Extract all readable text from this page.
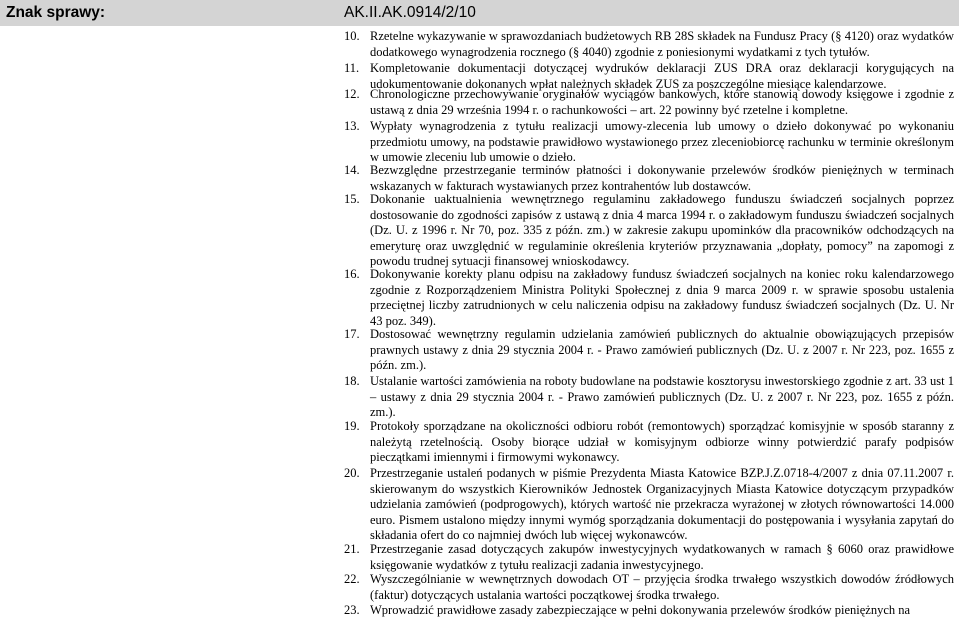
Znak sprawy:	AK.II.AK.0914/2/10
10. Rzetelne wykazywanie w sprawozdaniach budżetowych RB 28S składek na Fundusz Pracy (§ 4120) oraz wydatków dodatkowego wynagrodzenia rocznego (§ 4040) zgodnie z poniesionymi wydatkami z tych tytułów.
11. Kompletowanie dokumentacji dotyczącej wydruków deklaracji ZUS DRA oraz deklaracji korygujących na udokumentowanie dokonanych wpłat należnych składek ZUS za poszczególne miesiące kalendarzowe.
12. Chronologiczne przechowywanie oryginałów wyciągów bankowych, które stanowią dowody księgowe i zgodnie z ustawą z dnia 29 września 1994 r. o rachunkowości – art. 22 powinny być rzetelne i kompletne.
13. Wypłaty wynagrodzenia z tytułu realizacji umowy-zlecenia lub umowy o dzieło dokonywać po wykonaniu przedmiotu umowy, na podstawie prawidłowo wystawionego przez zleceniobiorcę rachunku w terminie określonym w umowie zleceniu lub umowie o dzieło.
14. Bezwzględne przestrzeganie terminów płatności i dokonywanie przelewów środków pieniężnych w terminach wskazanych w fakturach wystawianych przez kontrahentów lub dostawców.
15. Dokonanie uaktualnienia wewnętrznego regulaminu zakładowego funduszu świadczeń socjalnych poprzez dostosowanie do zgodności zapisów z ustawą z dnia 4 marca 1994 r. o zakładowym funduszu świadczeń socjalnych (Dz. U. z 1996 r. Nr 70, poz. 335 z późn. zm.) w zakresie zakupu upominków dla pracowników odchodzących na emeryturę oraz uwzględnić w regulaminie określenia kryteriów przyznawania „dopłaty, pomocy” na zapomogi z powodu trudnej sytuacji finansowej wnioskodawcy.
16. Dokonywanie korekty planu odpisu na zakładowy fundusz świadczeń socjalnych na koniec roku kalendarzowego zgodnie z Rozporządzeniem Ministra Polityki Społecznej z dnia 9 marca 2009 r. w sprawie sposobu ustalenia przeciętnej liczby zatrudnionych w celu naliczenia odpisu na zakładowy fundusz świadczeń socjalnych (Dz. U. Nr 43 poz. 349).
17. Dostosować wewnętrzny regulamin udzielania zamówień publicznych do aktualnie obowiązujących przepisów prawnych ustawy z dnia 29 stycznia 2004 r. - Prawo zamówień publicznych (Dz. U. z 2007 r. Nr 223, poz. 1655 z późn. zm.).
18. Ustalanie wartości zamówienia na roboty budowlane na podstawie kosztorysu inwestorskiego zgodnie z art. 33 ust 1 – ustawy z dnia 29 stycznia 2004 r. - Prawo zamówień publicznych (Dz. U. z 2007 r. Nr 223, poz. 1655 z późn. zm.).
19. Protokoły sporządzane na okoliczności odbioru robót (remontowych) sporządzać komisyjnie w sposób staranny z należytą rzetelnością. Osoby biorące udział w komisyjnym odbiorze winny potwierdzić parafy podpisów pieczątkami imiennymi i firmowymi wykonawcy.
20. Przestrzeganie ustaleń podanych w piśmie Prezydenta Miasta Katowice BZP.J.Z.0718-4/2007 z dnia 07.11.2007 r. skierowanym do wszystkich Kierowników Jednostek Organizacyjnych Miasta Katowice dotyczącym przypadków udzielania zamówień (podprogowych), których wartość nie przekracza wyrażonej w złotych równowartości 14.000 euro. Pismem ustalono między innymi wymóg sporządzania dokumentacji do postępowania i wysyłania zapytań do składania ofert do co najmniej dwóch lub więcej wykonawców.
21. Przestrzeganie zasad dotyczących zakupów inwestycyjnych wydatkowanych w ramach § 6060 oraz prawidłowe księgowanie wydatków z tytułu realizacji zadania inwestycyjnego.
22. Wyszczególnianie w wewnętrznych dowodach OT – przyjęcia środka trwałego wszystkich dowodów źródłowych (faktur) dotyczących ustalania wartości początkowej środka trwałego.
23. Wprowadzić prawidłowe zasady zabezpieczające w pełni dokonywania przelewów środków pieniężnych na
